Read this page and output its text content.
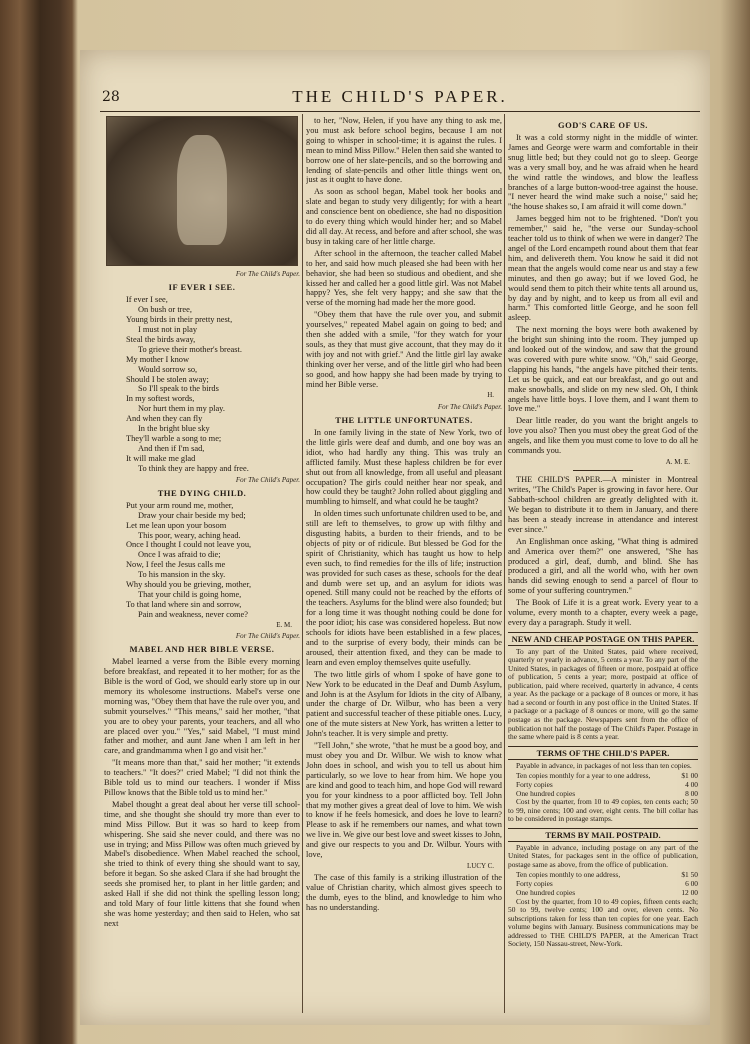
28	THE CHILD'S PAPER.
For The Child's Paper.
IF EVER I SEE.
If ever I see,
On bush or tree,
Young birds in their pretty nest,
I must not in play
Steal the birds away,
To grieve their mother's breast.
My mother I know
Would sorrow so,
Should I be stolen away;
So I'll speak to the birds
In my softest words,
Nor hurt them in my play.
And when they can fly
In the bright blue sky
They'll warble a song to me;
And then if I'm sad,
It will make me glad
To think they are happy and free.
For The Child's Paper.
THE DYING CHILD.
Put your arm round me, mother,
Draw your chair beside my bed;
Let me lean upon your bosom
This poor, weary, aching head.
Once I thought I could not leave you,
Once I was afraid to die;
Now, I feel the Jesus calls me
To his mansion in the sky.
Why should you be grieving, mother,
That your child is going home,
To that land where sin and sorrow,
Pain and weakness, never come?
E. M.
For The Child's Paper.
MABEL AND HER BIBLE VERSE.

Mabel learned a verse from the Bible every morning before breakfast, and repeated it to her mother; for as the Bible is the word of God, we should early store up in our memory its wholesome instructions. Mabel's verse one morning was, "Obey them that have the rule over you, and submit yourselves." "This means," said her mother, "that you are to obey your parents, your teachers, and all who are placed over you." "Yes," said Mabel, "I must mind father and mother, and aunt Jane when I am left in her care, and grandmamma when I go and visit her."

"It means more than that," said her mother; "it extends to teachers." "It does?" cried Mabel; "I did not think the Bible told us to mind our teachers. I wonder if Miss Pillow knows that the Bible told us to mind her."

Mabel thought a great deal about her verse till school-time, and she thought she should try more than ever to mind Miss Pillow. But it was so hard to keep from whispering. She said she never could, and there was no use in trying; and Miss Pillow was often much grieved by Mabel's disobedience. When Mabel reached the school, she tried to think of every thing she should want to say, before it began. So she asked Clara if she had brought the seeds she promised her, to plant in her little garden; and asked Hall if she did not think the spelling lesson long; and told Mary of four little kittens that she found when she was home yesterday; and then said to Helen, who sat next

to her, "Now, Helen, if you have any thing to ask me, you must ask before school begins, because I am not going to whisper in school-time; it is against the rules. I mean to mind Miss Pillow." Helen then said she wanted to borrow one of her slate-pencils, and so the borrowing and lending of slate-pencils and other little things went on, just as it ought to have done.

As soon as school began, Mabel took her books and slate and began to study very diligently; for with a heart and conscience bent on obedience, she had no disposition to do every thing which would hinder her; and so Mabel did all day. At recess, and before and after school, she was busy in taking care of her little charge.

After school in the afternoon, the teacher called Mabel to her, and said how much pleased she had been with her behavior, she had been so studious and obedient, and she kissed her and called her a good little girl. Was not Mabel happy? Yes, she felt very happy; and she saw that the verse of the morning had made her the more good.

"Obey them that have the rule over you, and submit yourselves," repeated Mabel again on going to bed; and then she added with a smile, "for they watch for your souls, as they that must give account, that they may do it with joy and not with grief." And the little girl lay awake thinking over her verse, and of the little girl who had been so good, and how happy she had been made by trying to mind her Bible verse.

H.
For The Child's Paper.
THE LITTLE UNFORTUNATES.

In one family living in the state of New York, two of the little girls were deaf and dumb, and one boy was an idiot, who had hardly any thing. This was truly an afflicted family. Must these hapless children be for ever shut out from all knowledge, from all useful and pleasant occupation? The girls could neither hear nor speak, and how could they be taught? John rolled about giggling and mumbling to himself, and what could he be taught?

In olden times such unfortunate children used to be, and still are left to themselves, to grow up with filthy and disgusting habits, a burden to their friends, and to be objects of pity or of ridicule. But blessed be God for the spirit of Christianity, which has taught us how to help even such, to find remedies for the ills of life; instruction was provided for such cases as these, schools for the deaf and dumb were set up, and an asylum for idiots was opened. Still many could not be reached by the efforts of the teachers. Asylums for the blind were also founded; but for a long time it was thought nothing could be done for the poor idiot; his case was considered hopeless. But now schools for idiots have been established in a few places, and to the surprise of every body, their minds can be aroused, their attention fixed, and they can be made to learn and even employ themselves quite usefully.

The two little girls of whom I spoke of have gone to New York to be educated in the Deaf and Dumb Asylum, and John is at the Asylum for Idiots in the city of Albany, under the charge of Dr. Wilbur, who has been a very patient and successful teacher of these pitiable ones. Lucy, one of the mute sisters at New York, has written a letter to John's teacher. It is very simple and pretty.

"Tell John," she wrote, "that he must be a good boy, and must obey you and Dr. Wilbur. We wish to know what John does in school, and wish you to tell us about him particularly, so we love to hear from him. We hope you are kind and good to teach him, and hope God will reward you for your kindness to a poor afflicted boy. Tell John that my mother gives a great deal of love to him. We wish to know if he feels homesick, and does he love to learn? Please to ask if he remembers our names, and what town we live in. We give our best love and sweet kisses to John, and give our respects to you and Dr. Wilbur. Yours with love,

LUCY C.

The case of this family is a striking illustration of the value of Christian charity, which almost gives speech to the dumb, eyes to the blind, and knowledge to him who has no understanding.

GOD'S CARE OF US.

It was a cold stormy night in the middle of winter. James and George were warm and comfortable in their snug little bed; but they could not go to sleep. George was a very small boy, and he was afraid when he heard the wind rattle the windows, and blow the leafless branches of a large button-wood-tree against the house. "I never heard the wind make such a noise," said he; "the house shakes so, I am afraid it will come down."

James begged him not to be frightened. "Don't you remember," said he, "the verse our Sunday-school teacher told us to think of when we were in danger? The angel of the Lord encampeth round about them that fear him, and delivereth them. You know he said it did not mean that the angels would come near us and stay a few minutes, and then go away; but if we loved God, he would send them to pitch their white tents all around us, by day and by night, and to keep us from all evil and harm." This comforted little George, and he soon fell asleep.

The next morning the boys were both awakened by the bright sun shining into the room. They jumped up and looked out of the window, and saw that the ground was covered with pure white snow. "Oh," said George, clapping his hands, "the angels have pitched their tents. Let us be quick, and eat our breakfast, and go out and make snowballs, and slide on my new sled. Oh, I think angels have little boys. I love them, and I want them to love me."

Dear little reader, do you want the bright angels to love you also? Then you must obey the great God of the angels, and like them you must come to love to do all he commands you.

A. M. E.

THE CHILD'S PAPER.—A minister in Montreal writes, "The Child's Paper is growing in favor here. Our Sabbath-school children are greatly delighted with it. We began to distribute it to them in January, and there has been a steady increase in attendance and interest ever since."

An Englishman once asking, "What thing is admired and America over them?" one answered, "She has produced a girl, deaf, dumb, and blind. She has produced a girl, and all the world who, with her own hands did sewing enough to send a parcel of flour to some of your suffering countrymen."

The Book of Life it is a great work. Every year to a volume, every month to a chapter, every week a page, every day a paragraph. Study it well.

NEW AND CHEAP POSTAGE ON THIS PAPER.

To any part of the United States, paid where received, quarterly or yearly in advance, 5 cents a year. To any part of the United States, in packages of fifteen or more, postpaid at office of publication, 5 cents a year; more, postpaid at office of publication, paid where received, quarterly in advance, 4 cents a year. As the package or a package of 8 ounces or more, it has had a second or fourth in any post office in the United States. If a package or a package of 8 ounces or more, will go the same postage as the package. Newspapers sent from the office of publication not half the postage of The Child's Paper. Postage in the same where paid is 8 cents a year.

TERMS OF THE CHILD'S PAPER.

Payable in advance, in packages of not less than ten copies.

Ten copies monthly for a year to one address,	$1 00
Forty copies	4 00
One hundred copies	8 00

Cost by the quarter, from 10 to 49 copies, ten cents each; 50 to 99, nine cents; 100 and over, eight cents. The bill collar has to be considered in postage stamps.

TERMS BY MAIL POSTPAID.

Payable in advance, including postage on any part of the United States, for packages sent in the office of publication, postage same as above, from the office of publication.

Ten copies monthly to one address,	$1 50
Forty copies	6 00
One hundred copies	12 00

Cost by the quarter, from 10 to 49 copies, fifteen cents each; 50 to 99, twelve cents; 100 and over, eleven cents. No subscriptions taken for less than ten copies for one year. Each volume begins with January. Business communications may be addressed to THE CHILD'S PAPER, at the American Tract Society, 150 Nassau-street, New-York.
